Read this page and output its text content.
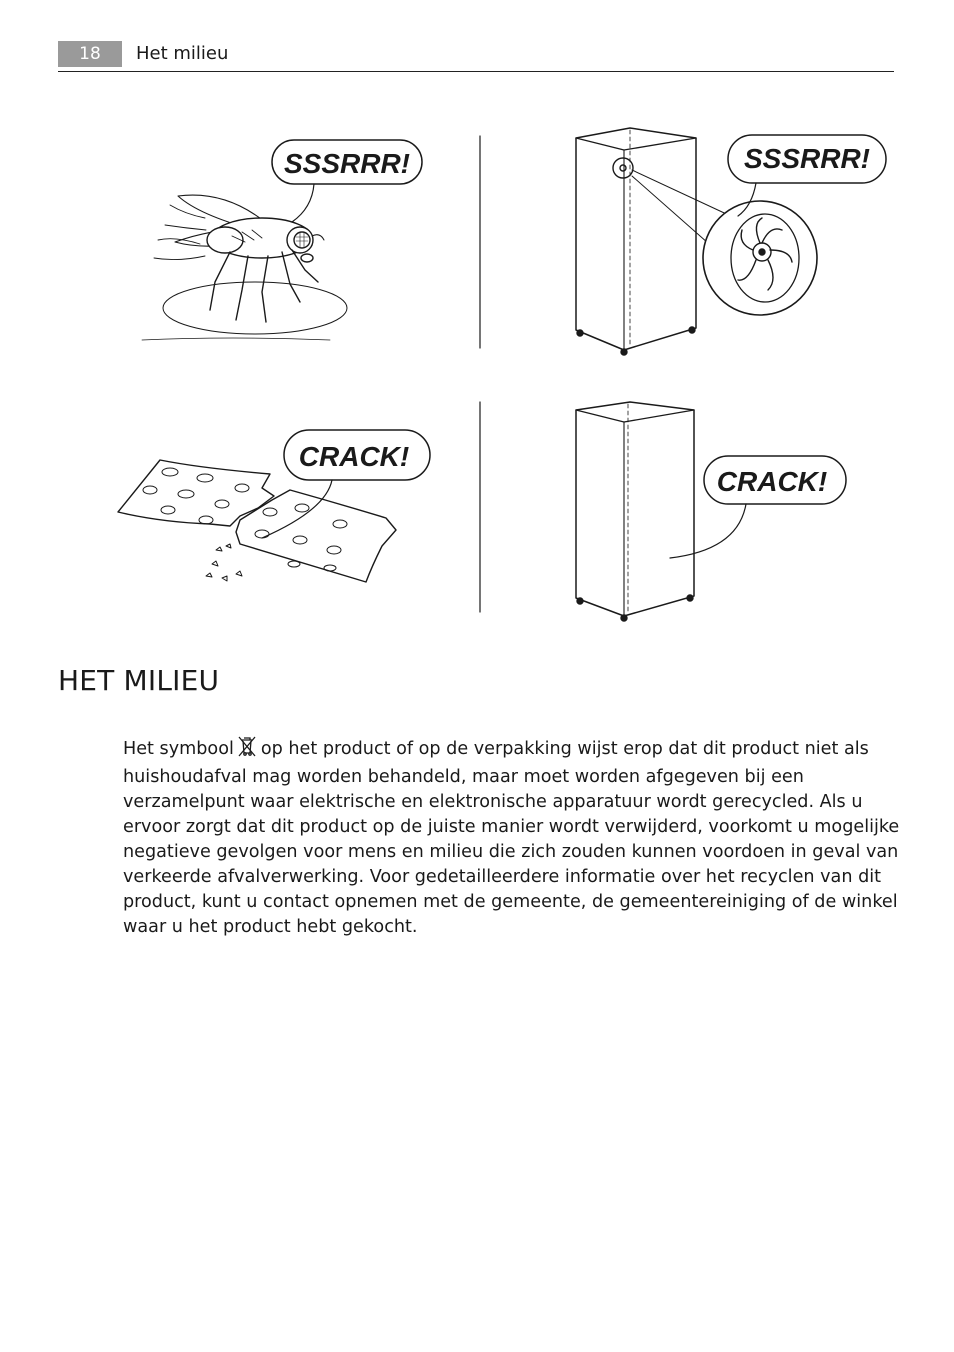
18	Het milieu
SSSRRR!	SSSRRR!
CRACK!
CRACK!
HET MILIEU

Het symbool op het product of op de verpakking wijst erop dat dit product niet als huishoudafval mag worden behandeld, maar moet worden afgegeven bij een verzamelpunt waar elektrische en elektronische apparatuur wordt gerecycled. Als u ervoor zorgt dat dit product op de juiste manier wordt verwijderd, voorkomt u mogelijke negatieve gevolgen voor mens en milieu die zich zouden kunnen voordoen in geval van verkeerde afvalverwerking. Voor gedetailleerdere informatie over het recyclen van dit product, kunt u contact opnemen met de gemeente, de gemeentereiniging of de winkel waar u het product hebt gekocht.
